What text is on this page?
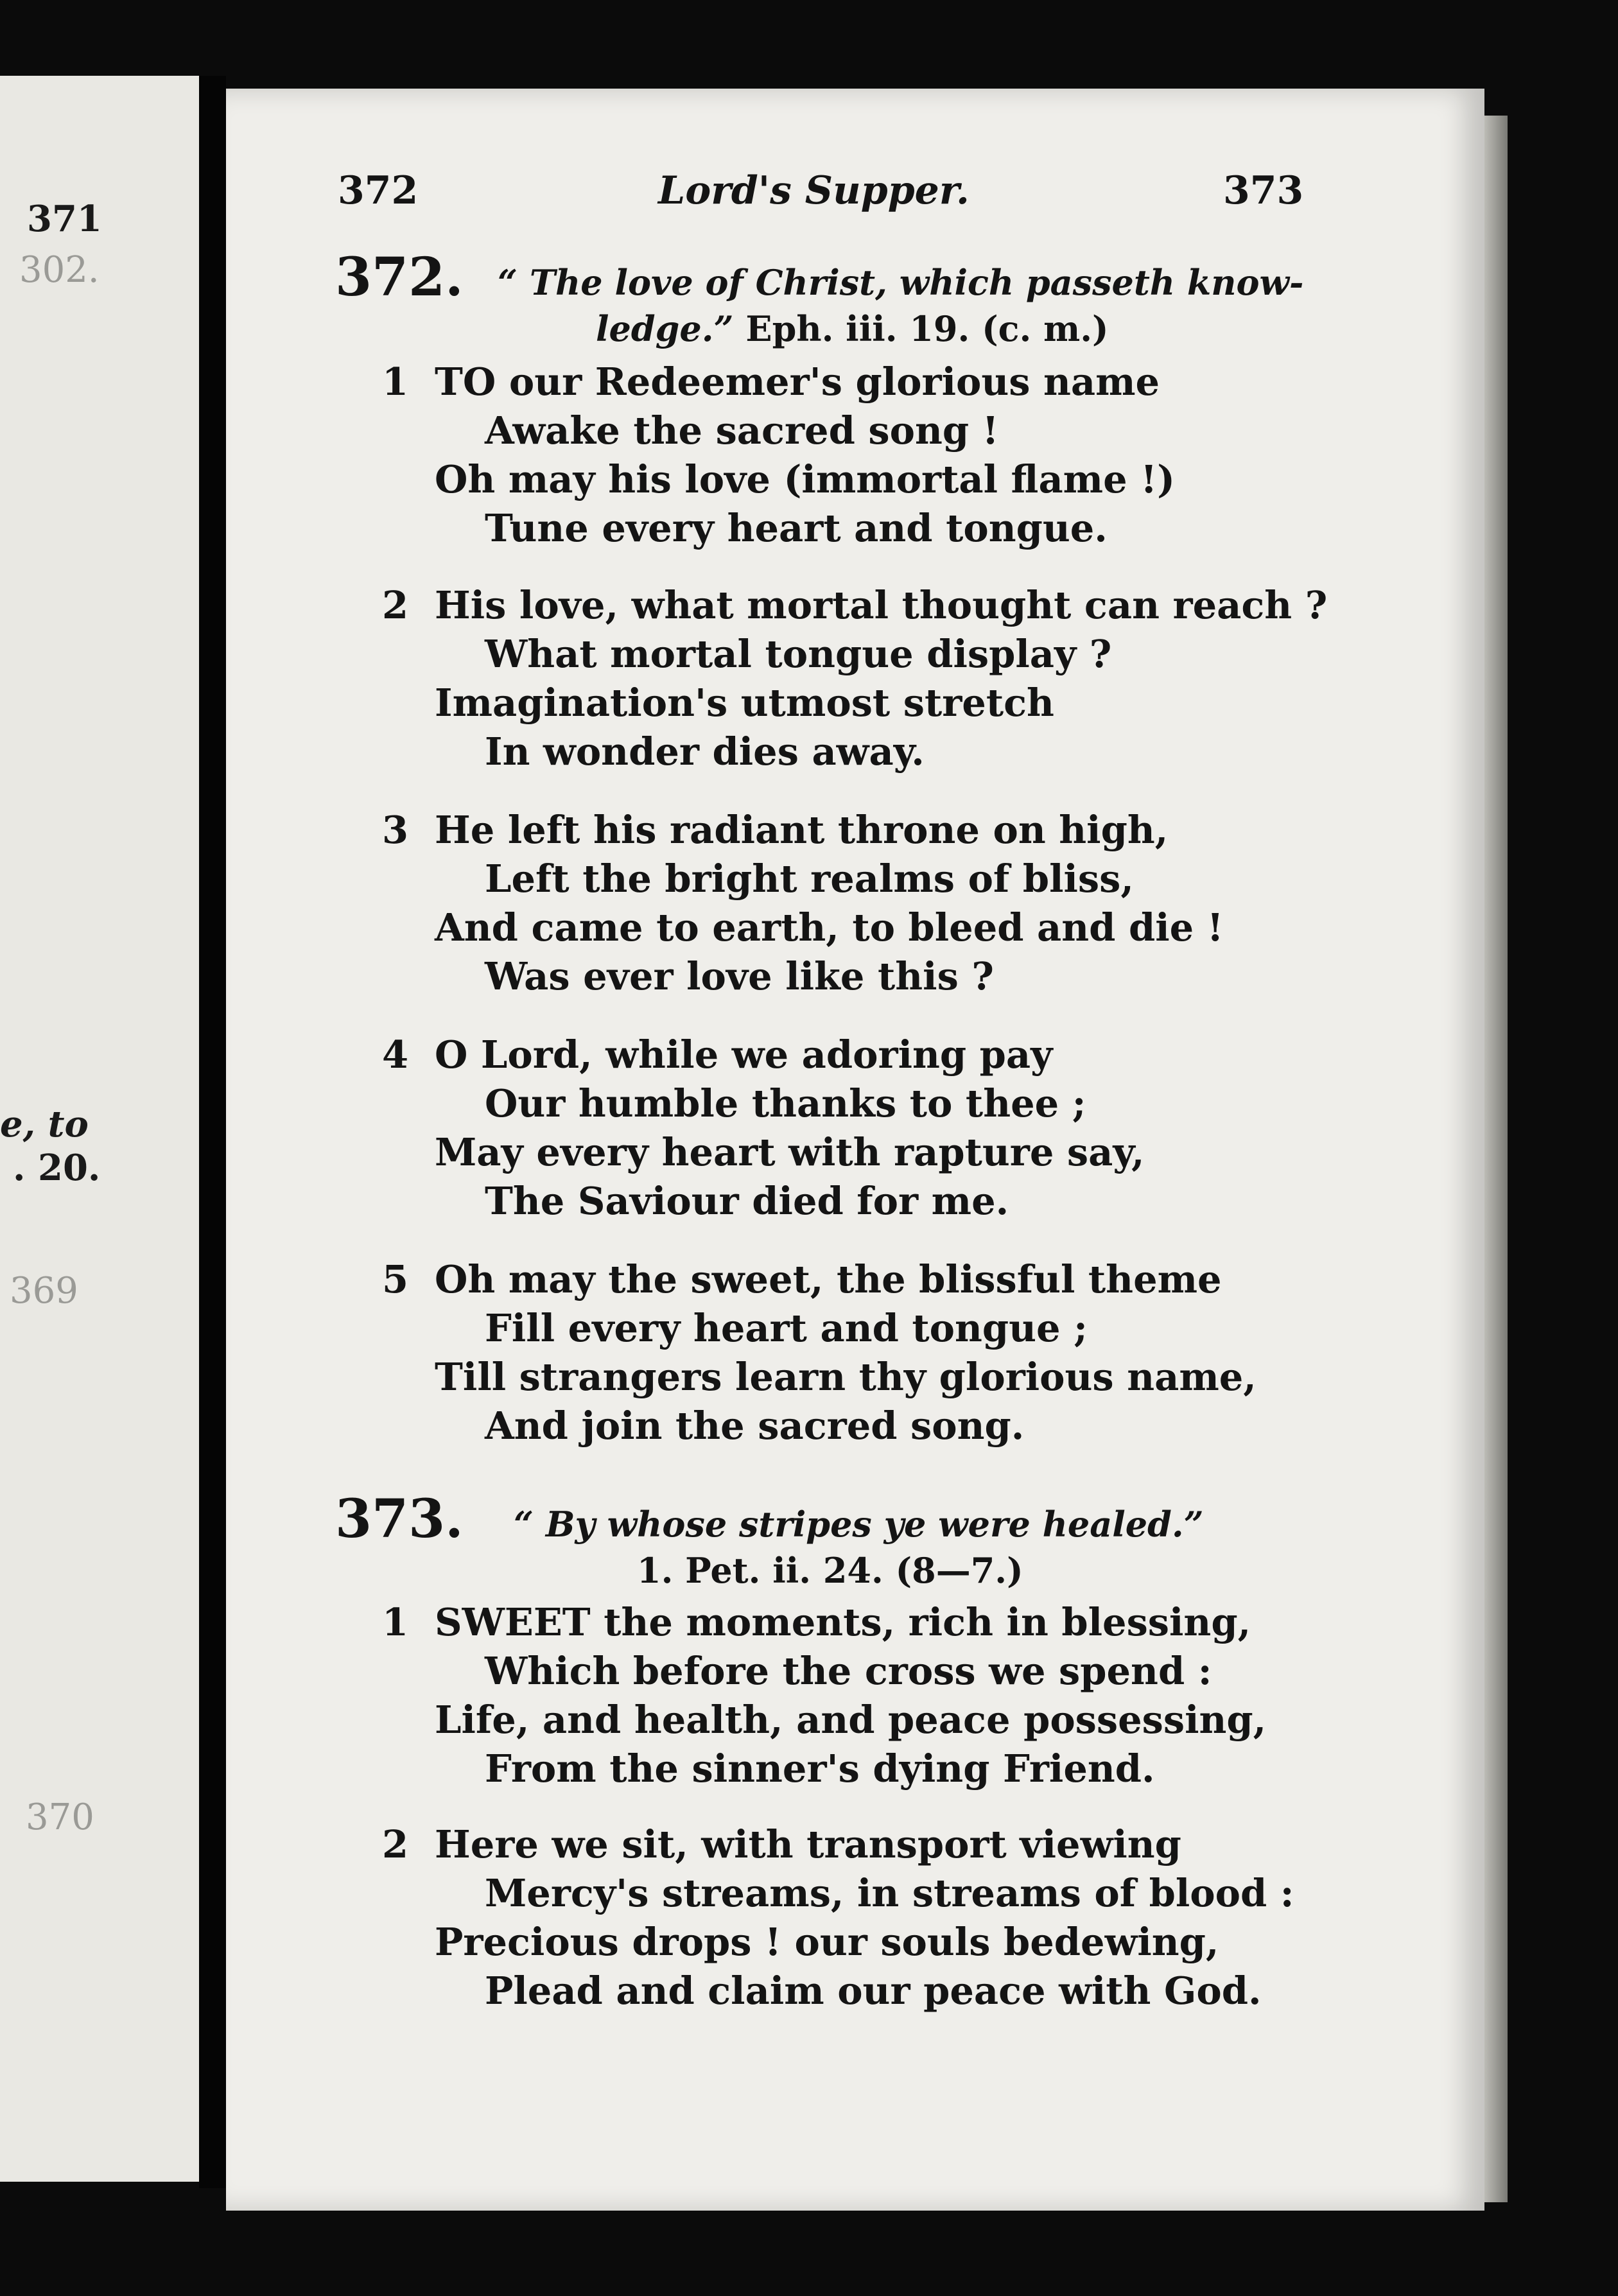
371
302.
e, to
. 20.
369
370
372	Lord's Supper.	373
372. “ The love of Christ, which passeth know-
ledge.” Eph. iii. 19. (c. m.)
1 TO our Redeemer's glorious name
Awake the sacred song !
Oh may his love (immortal flame !)
Tune every heart and tongue.
2 His love, what mortal thought can reach ?
What mortal tongue display ?
Imagination's utmost stretch
In wonder dies away.
3 He left his radiant throne on high,
Left the bright realms of bliss,
And came to earth, to bleed and die !
Was ever love like this ?
4 O Lord, while we adoring pay
Our humble thanks to thee ;
May every heart with rapture say,
The Saviour died for me.
5 Oh may the sweet, the blissful theme
Fill every heart and tongue ;
Till strangers learn thy glorious name,
And join the sacred song.
373. “ By whose stripes ye were healed.”
1. Pet. ii. 24. (8—7.)
1 SWEET the moments, rich in blessing,
Which before the cross we spend :
Life, and health, and peace possessing,
From the sinner's dying Friend.
2 Here we sit, with transport viewing
Mercy's streams, in streams of blood :
Precious drops ! our souls bedewing,
Plead and claim our peace with God.
